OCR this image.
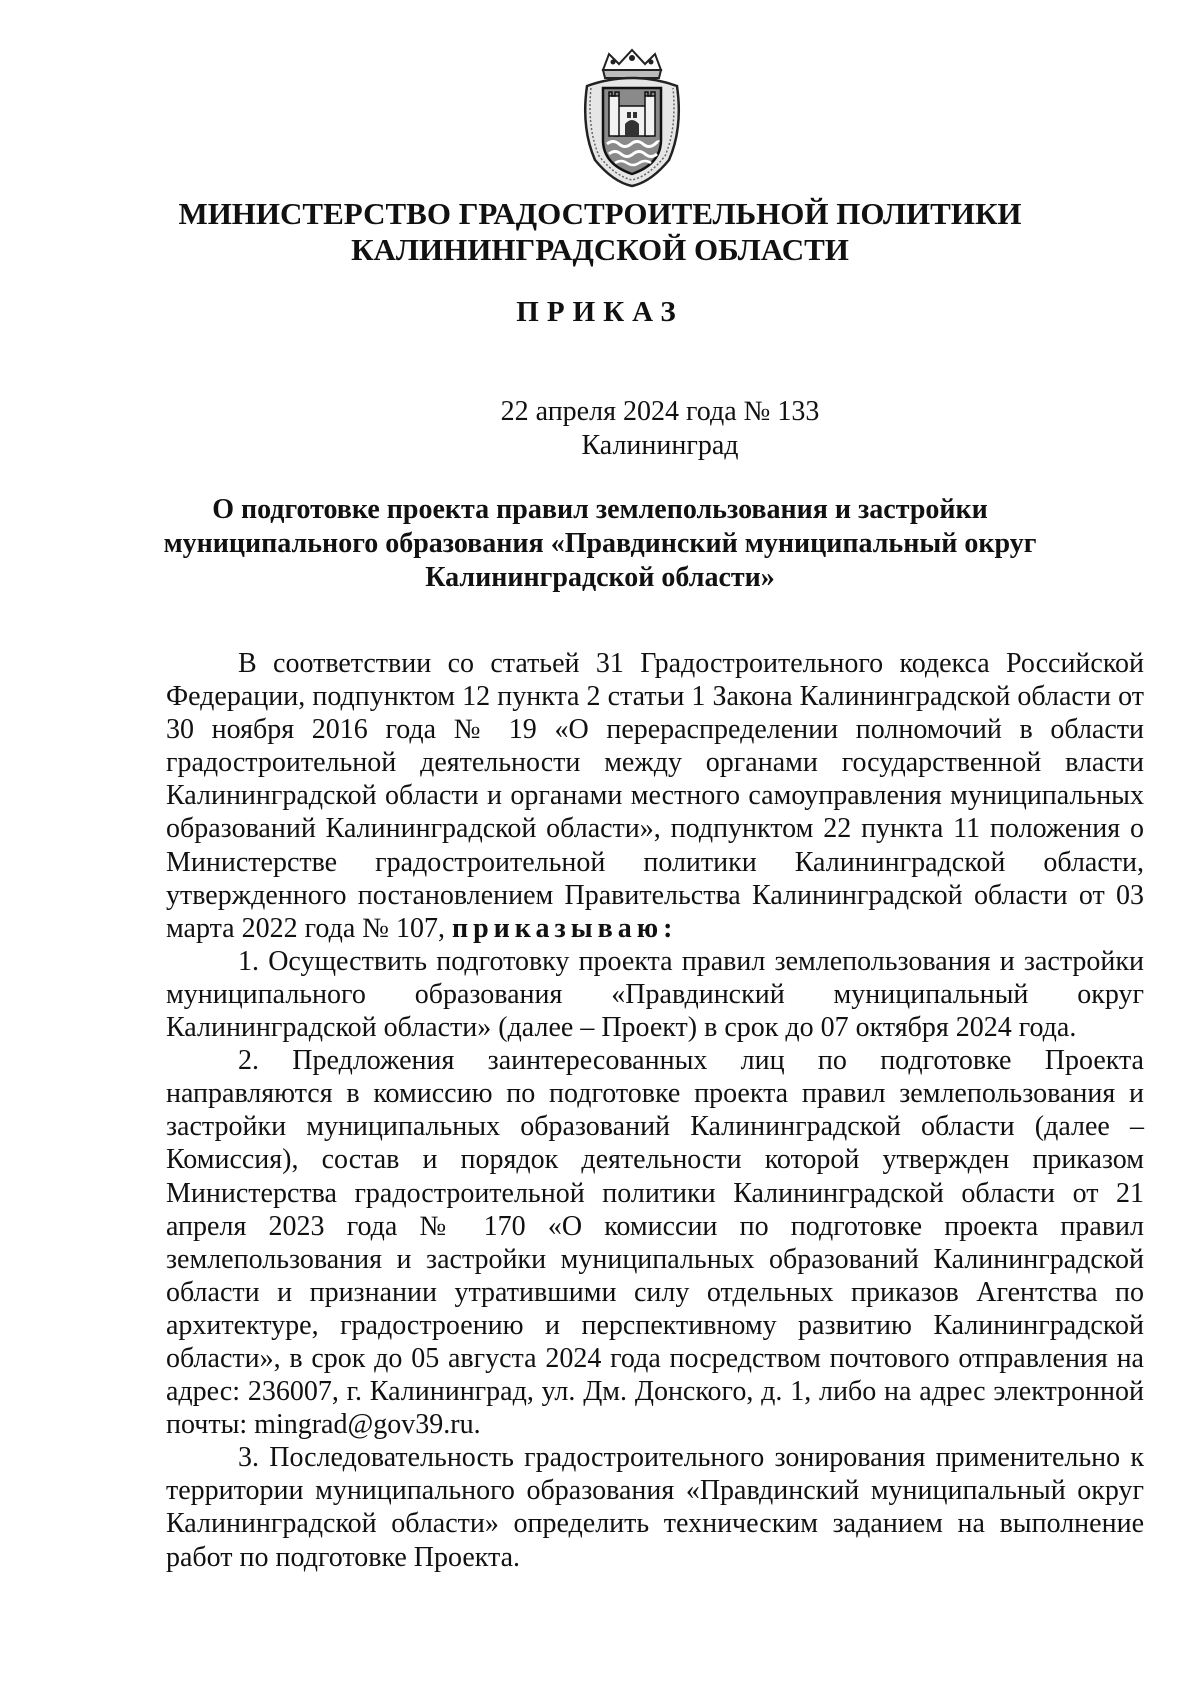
МИНИСТЕРСТВО ГРАДОСТРОИТЕЛЬНОЙ ПОЛИТИКИ
КАЛИНИНГРАДСКОЙ ОБЛАСТИ
ПРИКАЗ
22 апреля 2024 года № 133
Калининград
О подготовке проекта правил землепользования и застройки
муниципального образования «Правдинский муниципальный округ
Калининградской области»

В соответствии со статьей 31 Градостроительного кодекса Российской Федерации, подпунктом 12 пункта 2 статьи 1 Закона Калининградской области от 30 ноября 2016 года № 19 «О перераспределении полномочий в области градостроительной деятельности между органами государственной власти Калининградской области и органами местного самоуправления муниципальных образований Калининградской области», подпунктом 22 пункта 11 положения о Министерстве градостроительной политики Калининградской области, утвержденного постановлением Правительства Калининградской области от 03 марта 2022 года № 107, приказываю:

1. Осуществить подготовку проекта правил землепользования и застройки муниципального образования «Правдинский муниципальный округ Калининградской области» (далее – Проект) в срок до 07 октября 2024 года.

2. Предложения заинтересованных лиц по подготовке Проекта направляются в комиссию по подготовке проекта правил землепользования и застройки муниципальных образований Калининградской области (далее – Комиссия), состав и порядок деятельности которой утвержден приказом Министерства градостроительной политики Калининградской области от 21 апреля 2023 года № 170 «О комиссии по подготовке проекта правил землепользования и застройки муниципальных образований Калининградской области и признании утратившими силу отдельных приказов Агентства по архитектуре, градостроению и перспективному развитию Калининградской области», в срок до 05 августа 2024 года посредством почтового отправления на адрес: 236007, г. Калининград, ул. Дм. Донского, д. 1, либо на адрес электронной почты: mingrad@gov39.ru.

3. Последовательность градостроительного зонирования применительно к территории муниципального образования «Правдинский муниципальный округ Калининградской области» определить техническим заданием на выполнение работ по подготовке Проекта.
